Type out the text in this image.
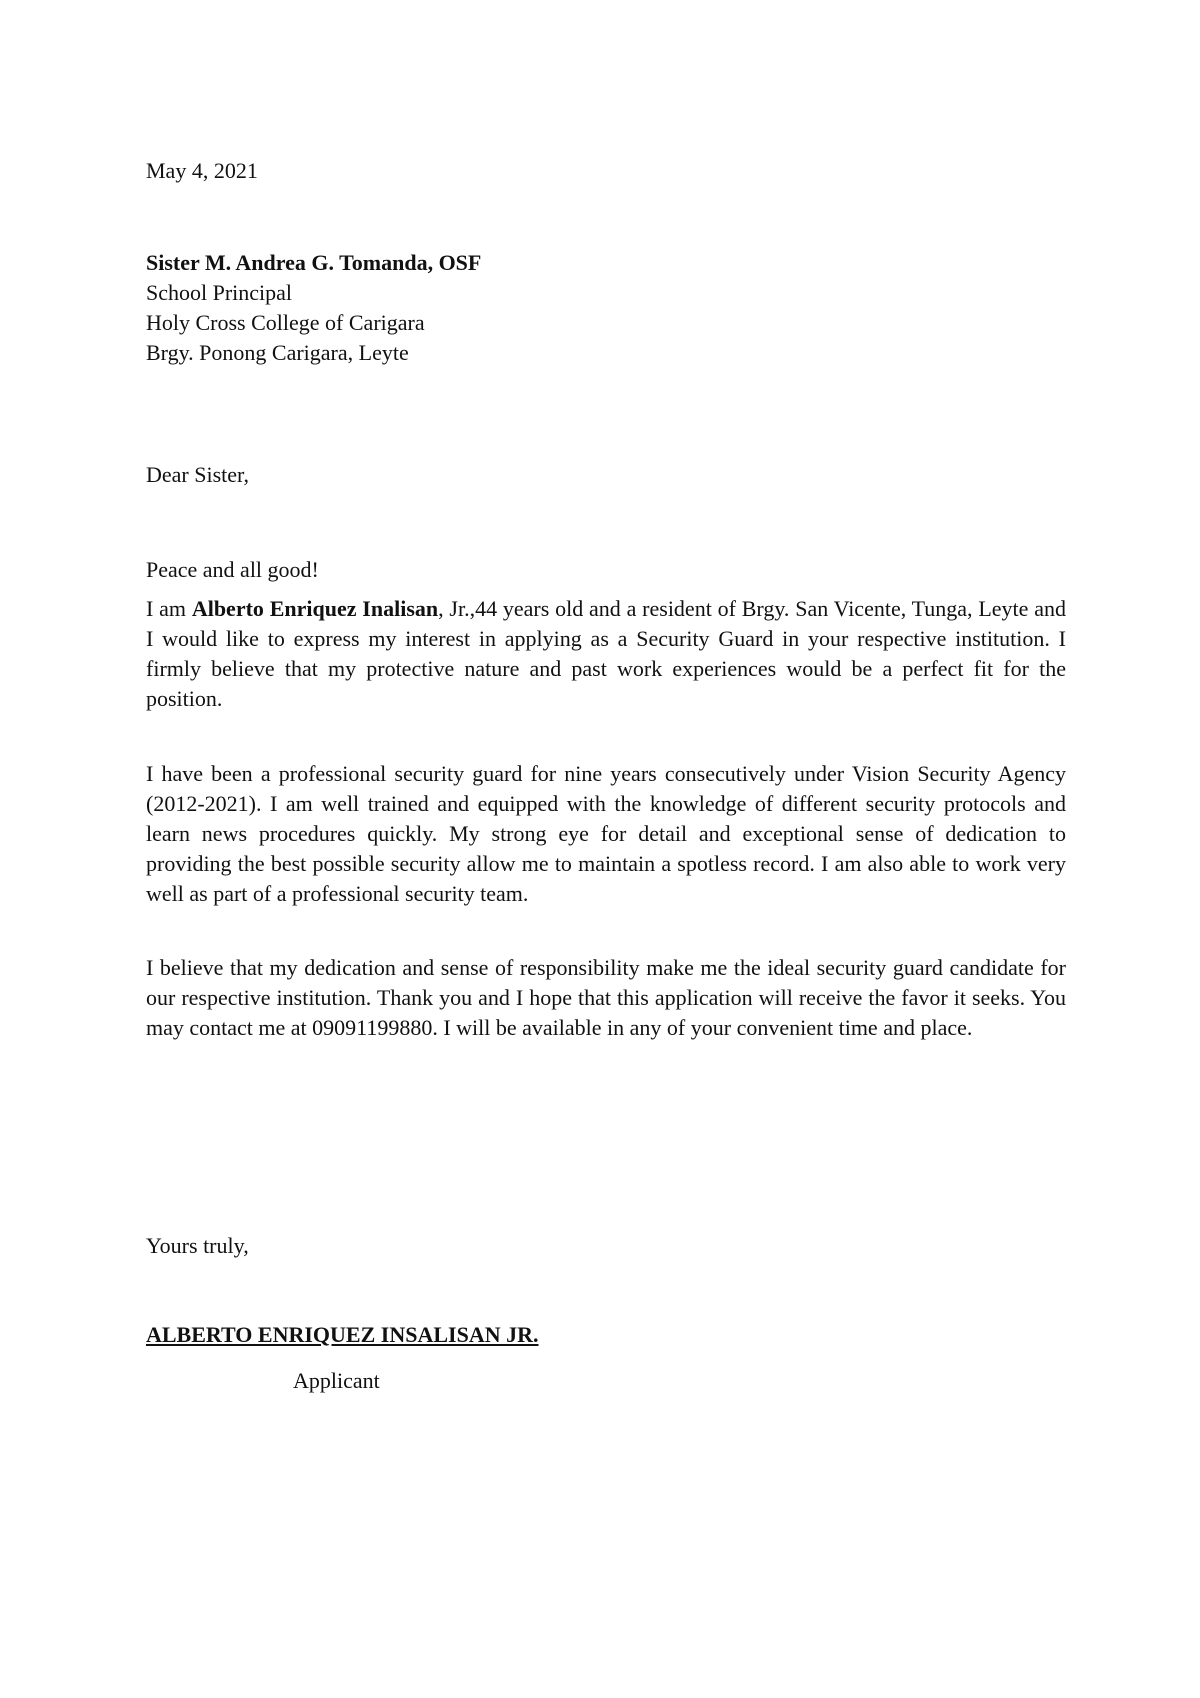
May 4, 2021

Sister M. Andrea G. Tomanda, OSF
School Principal
Holy Cross College of Carigara
Brgy. Ponong Carigara, Leyte

Dear Sister,

Peace and all good!

I am Alberto Enriquez Inalisan, Jr.,44 years old and a resident of Brgy. San Vicente, Tunga, Leyte and I would like to express my interest in applying as a Security Guard in your respective institution. I firmly believe that my protective nature and past work experiences would be a perfect fit for the position.

I have been a professional security guard for nine years consecutively under Vision Security Agency (2012-2021). I am well trained and equipped with the knowledge of different security protocols and learn news procedures quickly. My strong eye for detail and exceptional sense of dedication to providing the best possible security allow me to maintain a spotless record. I am also able to work very well as part of a professional security team.

I believe that my dedication and sense of responsibility make me the ideal security guard candidate for our respective institution. Thank you and I hope that this application will receive the favor it seeks. You may contact me at 09091199880. I will be available in any of your convenient time and place.

Yours truly,

ALBERTO ENRIQUEZ INSALISAN JR.

Applicant
